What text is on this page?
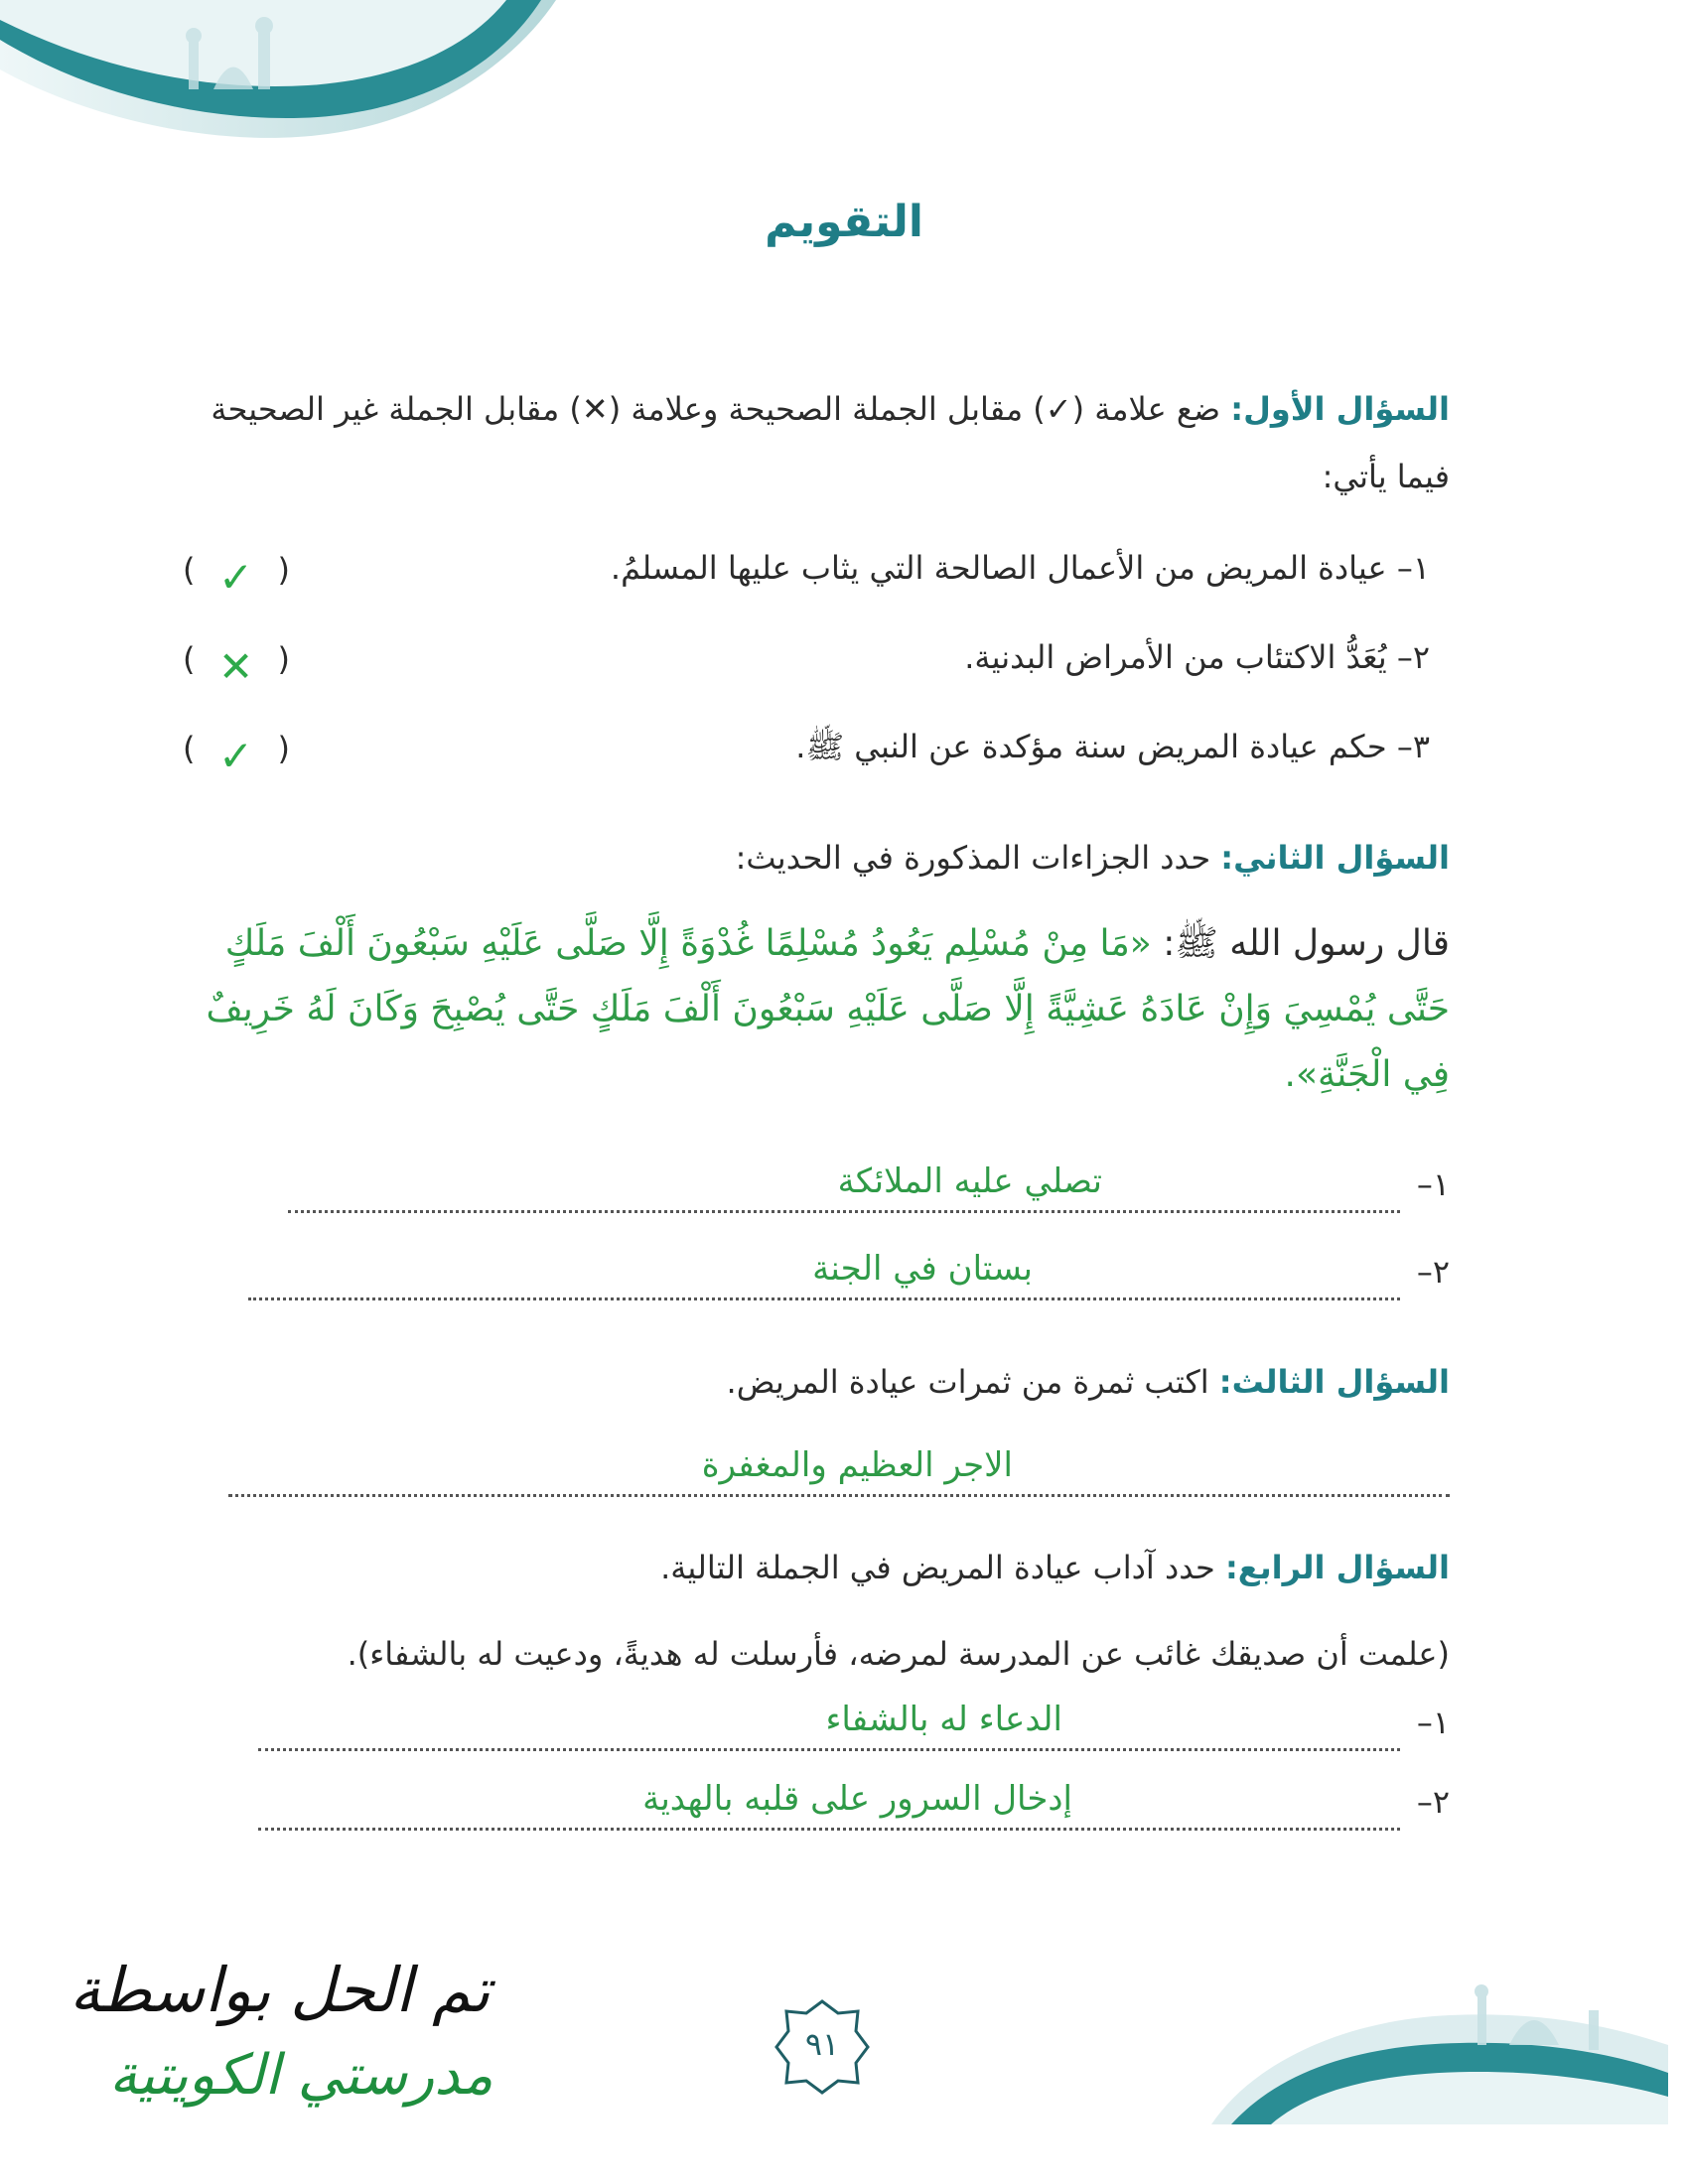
التقويم

السؤال الأول: ضع علامة (✓) مقابل الجملة الصحيحة وعلامة (✕) مقابل الجملة غير الصحيحة فيما يأتي:

١– عيادة المريض من الأعمال الصالحة التي يثاب عليها المسلمُ.
(
✓
)
٢– يُعَدُّ الاكتئاب من الأمراض البدنية.
(
✕
)
٣– حكم عيادة المريض سنة مؤكدة عن النبي ﷺ.
(
✓
)

السؤال الثاني: حدد الجزاءات المذكورة في الحديث:

قال رسول الله ﷺ: «مَا مِنْ مُسْلِم يَعُودُ مُسْلِمًا غُدْوَةً إِلَّا صَلَّى عَلَيْهِ سَبْعُونَ أَلْفَ مَلَكٍ حَتَّى يُمْسِيَ وَإِنْ عَادَهُ عَشِيَّةً إِلَّا صَلَّى عَلَيْهِ سَبْعُونَ أَلْفَ مَلَكٍ حَتَّى يُصْبِحَ وَكَانَ لَهُ خَرِيفٌ فِي الْجَنَّةِ».

١–
تصلي عليه الملائكة
٢–
بستان في الجنة

السؤال الثالث: اكتب ثمرة من ثمرات عيادة المريض.

الاجر العظيم والمغفرة

السؤال الرابع: حدد آداب عيادة المريض في الجملة التالية.

(علمت أن صديقك غائب عن المدرسة لمرضه، فأرسلت له هديةً، ودعيت له بالشفاء).

١–
الدعاء له بالشفاء
٢–
إدخال السرور على قلبه بالهدية
تم الحل بواسطة
مدرستي الكويتية	٩١
